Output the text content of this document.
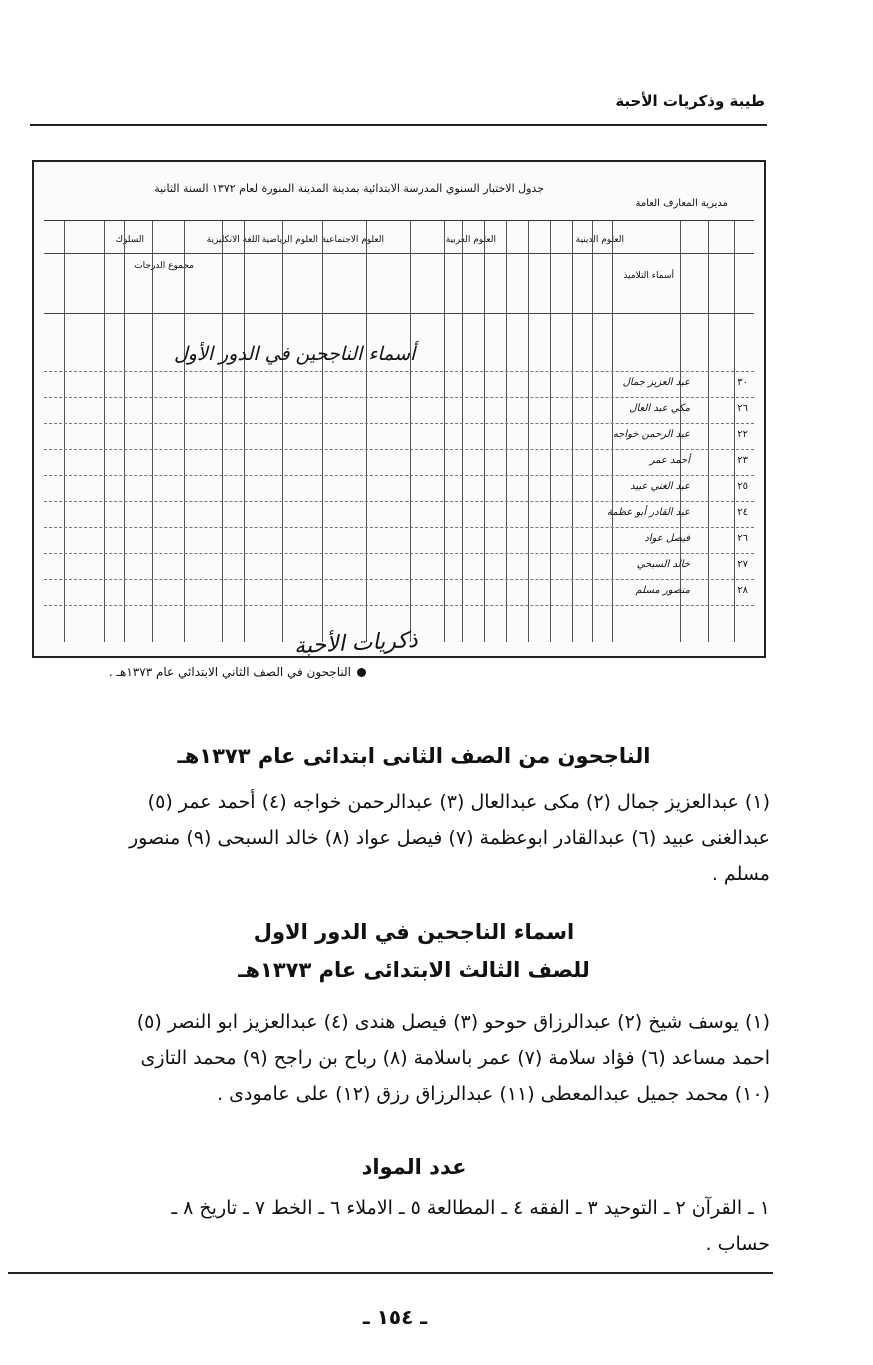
طيبة وذكريات الأحبة
جدول الاختبار السنوي المدرسة الابتدائية بمدينة المدينة المنورة لعام ١٣٧٢ السنة الثانية
مديرية المعارف العامة
العلوم الدينية
العلوم العربية
العلوم الاجتماعية
العلوم الرياضية
اللغة الانكليزية
مجموع الدرجات
السلوك
أسماء التلاميذ
أسماء الناجحين في الدور الأول
٣٠
عبد العزيز جمال
٢٦
مكي عبد العال
٢٢
عبد الرحمن خواجه
٢٣
أحمد عمر
٢٥
عبد الغني عبيد
٢٤
عبد القادر أبو عظمة
٢٦
فيصل عواد
٢٧
خالد السبحي
٢٨
منصور مسلم
ذكريات الأحبة
الناجحون في الصف الثاني الابتدائي عام ١٣٧٣هـ .
الناجحون من الصف الثانى ابتدائى عام ١٣٧٣هـ
(١) عبدالعزيز جمال (٢) مكى عبدالعال (٣) عبدالرحمن خواجه (٤) أحمد عمر (٥)
عبدالغنى عبيد (٦) عبدالقادر ابوعظمة (٧) فيصل عواد (٨) خالد السبحى (٩) منصور
مسلم .
اسماء الناجحين في الدور الاول
للصف الثالث الابتدائى عام ١٣٧٣هـ
(١) يوسف شيخ (٢) عبدالرزاق حوحو (٣) فيصل هندى (٤) عبدالعزيز ابو النصر (٥)
احمد مساعد (٦) فؤاد سلامة (٧) عمر باسلامة (٨) رباح بن راجح (٩) محمد التازى
(١٠) محمد جميل عبدالمعطى (١١) عبدالرزاق رزق (١٢) على عامودى .
عدد المواد
١ ـ القرآن ٢ ـ التوحيد ٣ ـ الفقه ٤ ـ المطالعة ٥ ـ الاملاء ٦ ـ الخط ٧ ـ تاريخ ٨ ـ
حساب .
ـ ١٥٤ ـ
